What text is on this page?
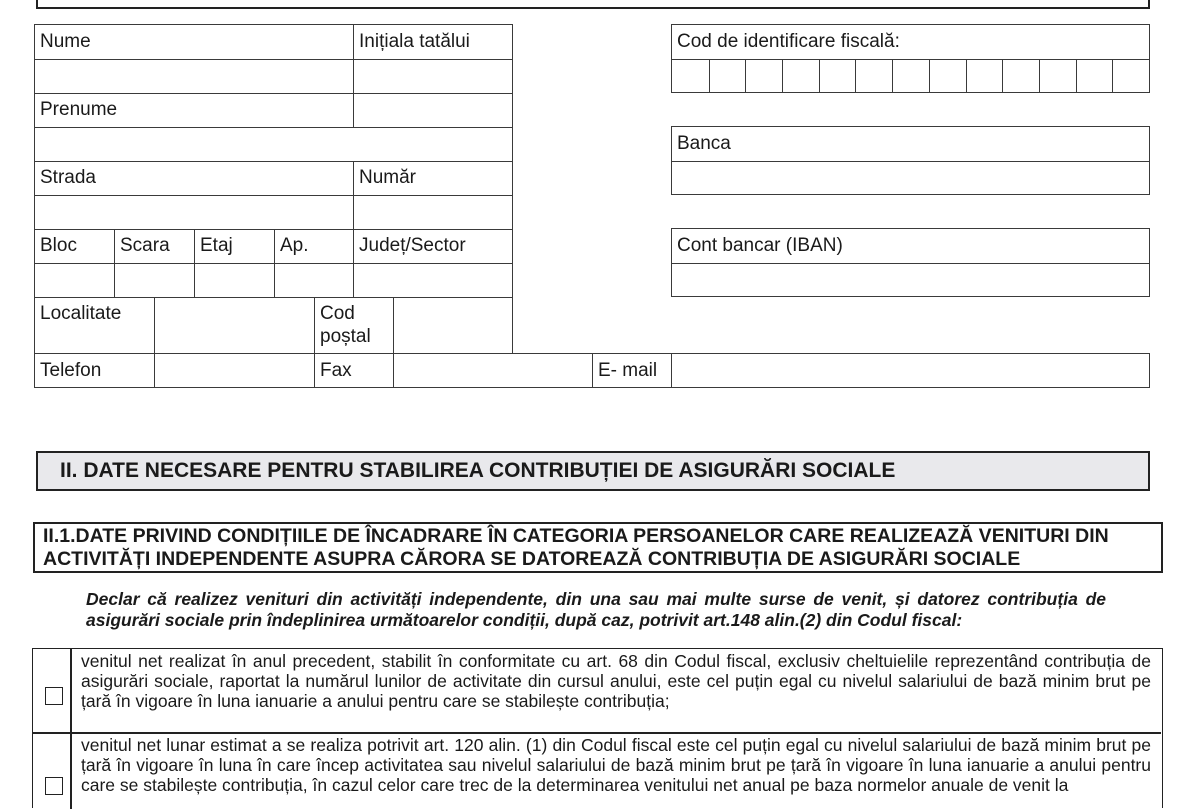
Nume	Inițiala tatălui
Prenume
Strada	Număr
Bloc Scara Etaj Ap.	Județ/Sector
Localitate	Cod
poștal
Telefon	Fax	E- mail
Cod de identificare fiscală:
Banca
Cont bancar (IBAN)
II. DATE NECESARE PENTRU STABILIREA CONTRIBUȚIEI DE ASIGURĂRI SOCIALE
II.1.DATE PRIVIND CONDIȚIILE DE ÎNCADRARE ÎN CATEGORIA PERSOANELOR CARE REALIZEAZĂ VENITURI DIN ACTIVITĂȚI INDEPENDENTE ASUPRA CĂRORA SE DATOREAZĂ CONTRIBUȚIA DE ASIGURĂRI SOCIALE
Declar că realizez venituri din activități independente, din una sau mai multe surse de venit, și datorez contribuția de asigurări sociale prin îndeplinirea următoarelor condiții, după caz, potrivit art.148 alin.(2) din Codul fiscal:
venitul net realizat în anul precedent, stabilit în conformitate cu art. 68 din Codul fiscal, exclusiv cheltuielile reprezentând contribuția de asigurări sociale, raportat la numărul lunilor de activitate din cursul anului, este cel puțin egal cu nivelul salariului de bază minim brut pe țară în vigoare în luna ianuarie a anului pentru care se stabilește contribuția;
venitul net lunar estimat a se realiza potrivit art. 120 alin. (1) din Codul fiscal este cel puțin egal cu nivelul salariului de bază minim brut pe țară în vigoare în luna în care încep activitatea sau nivelul salariului de bază minim brut pe țară în vigoare în luna ianuarie a anului pentru care se stabilește contribuția, în cazul celor care trec de la determinarea venitului net anual pe baza normelor anuale de venit la
